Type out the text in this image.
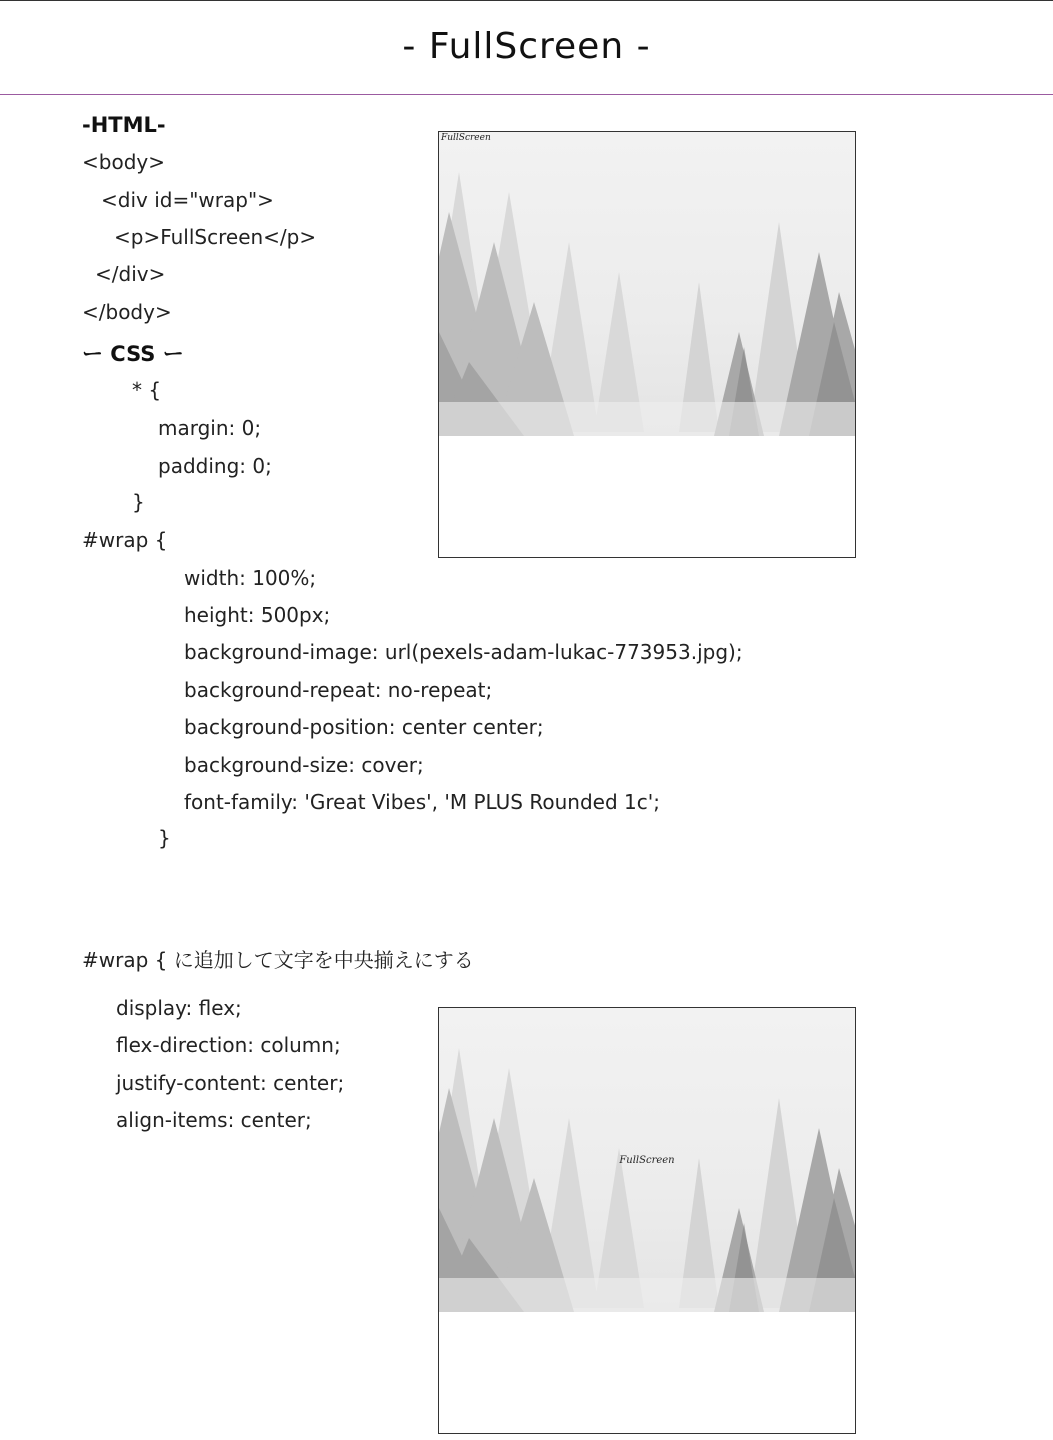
- FullScreen -
-HTML-
<body>
<div id="wrap">
<p>FullScreen</p>
</div>
</body>
ー CSS ー
* {
margin: 0;
padding: 0;
}
#wrap {
width: 100%;
height: 500px;
background-image: url(pexels-adam-lukac-773953.jpg);
background-repeat: no-repeat;
background-position: center center;
background-size: cover;
font-family: 'Great Vibes', 'M PLUS Rounded 1c';
}
#wrap { に追加して文字を中央揃えにする
display: flex;
flex-direction: column;
justify-content: center;
align-items: center;
FullScreen
FullScreen
